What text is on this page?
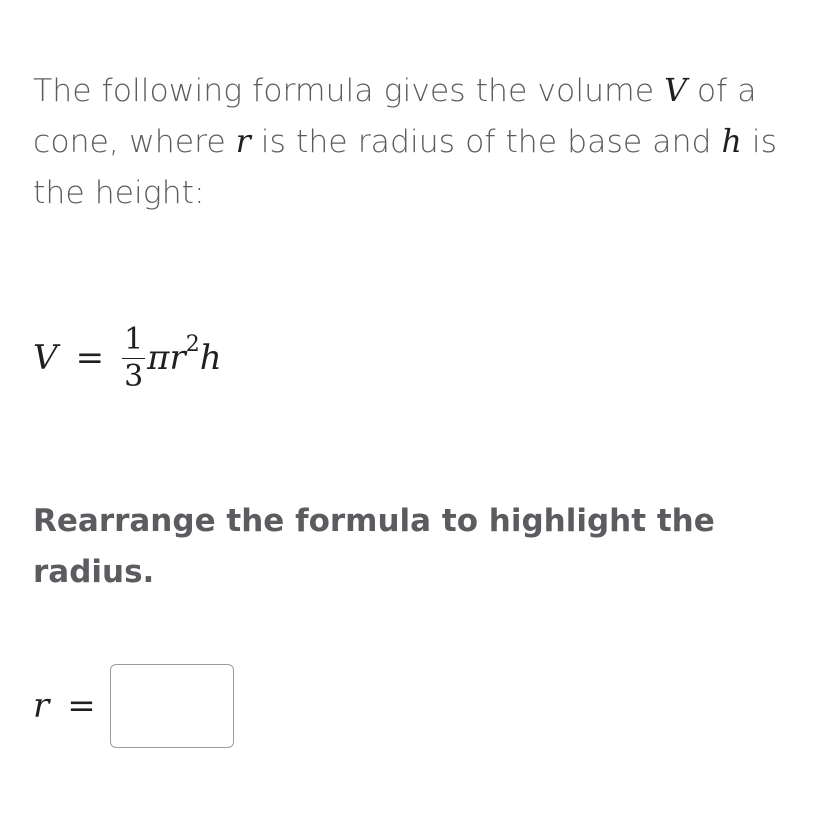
The following formula gives the volume V of a cone, where r is the radius of the base and h is the height:
$V = \frac{1}{3}$ π r 2 h
Rearrange the formula to highlight the radius.
r =
